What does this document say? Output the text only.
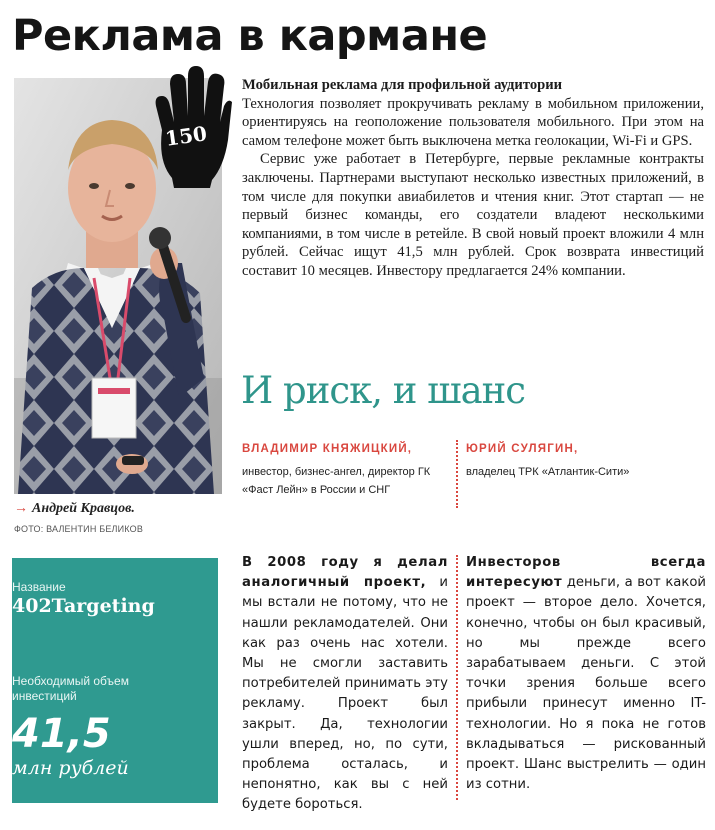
Реклама в кармане
150
→ Андрей Кравцов.
ФОТО: ВАЛЕНТИН БЕЛИКОВ

Мобильная реклама для профильной аудитории
Технология позволяет прокручивать рекламу в мобильном приложении, ориентируясь на геоположение пользователя мобильного. При этом на самом телефоне может быть выключена метка геолокации, Wi-Fi и GPS.

Сервис уже работает в Петербурге, первые рекламные контракты заключены. Партнерами выступают несколько известных приложений, в том числе для покупки авиабилетов и чтения книг. Этот стартап — не первый бизнес команды, его создатели владеют несколькими компаниями, в том числе в ретейле. В свой новый проект вложили 4 млн рублей. Сейчас ищут 41,5 млн рублей. Срок возврата инвестиций составит 10 месяцев. Инвестору предлагается 24% компании.

И риск, и шанс
ВЛАДИМИР КНЯЖИЦКИЙ,
инвестор, бизнес-ангел, директор ГК «Фаст Лейн» в России и СНГ
ЮРИЙ СУЛЯГИН,
владелец ТРК «Атлантик-Сити»
Название
402Targeting
Необходимый объем инвестиций
41,5
млн рублей
В 2008 году я делал аналогичный проект, и мы встали не потому, что не нашли рекламодателей. Они как раз очень нас хотели. Мы не смогли заставить потребителей принимать эту рекламу. Проект был закрыт. Да, технологии ушли вперед, но, по сути, проблема осталась, и непонятно, как вы с ней будете бороться.
Инвесторов всегда интересуют деньги, а вот какой проект — второе дело. Хочется, конечно, чтобы он был красивый, но мы прежде всего зарабатываем деньги. С этой точки зрения больше всего прибыли принесут именно IT-технологии. Но я пока не готов вкладываться — рискованный проект. Шанс выстрелить — один из сотни.
